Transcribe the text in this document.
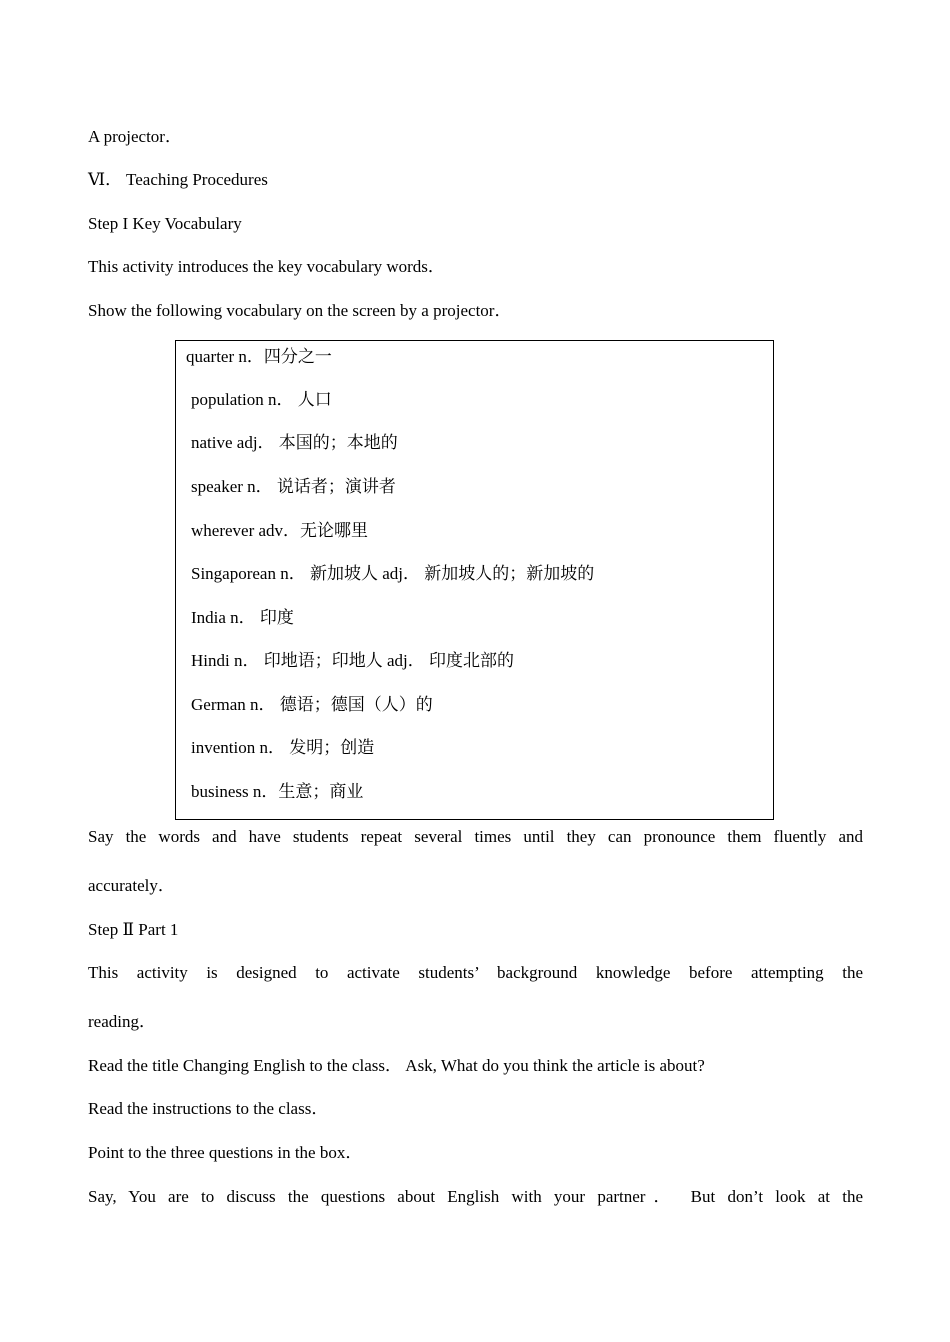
A projector．
Ⅵ． Teaching Procedures
Step I Key Vocabulary
This activity introduces the key vocabulary words．
Show the following vocabulary on the screen by a projector．
quarter n．四分之一
population n． 人口
native adj． 本国的；本地的
speaker n． 说话者；演讲者
wherever adv．无论哪里
Singaporean n． 新加坡人 adj． 新加坡人的；新加坡的
India n． 印度
Hindi n． 印地语；印地人 adj． 印度北部的
German n． 德语；德国（人）的
invention n． 发明；创造
business n．生意；商业
Say the words and have students repeat several times until they can pronounce them fluently and
accurately．
Step Ⅱ Part 1
This activity is designed to activate students’ background knowledge before attempting the
reading．
Read the title Changing English to the class． Ask, What do you think the article is about?
Read the instructions to the class．
Point to the three questions in the box．
Say, You are to discuss the questions about English with your partner． But don’t look at the
